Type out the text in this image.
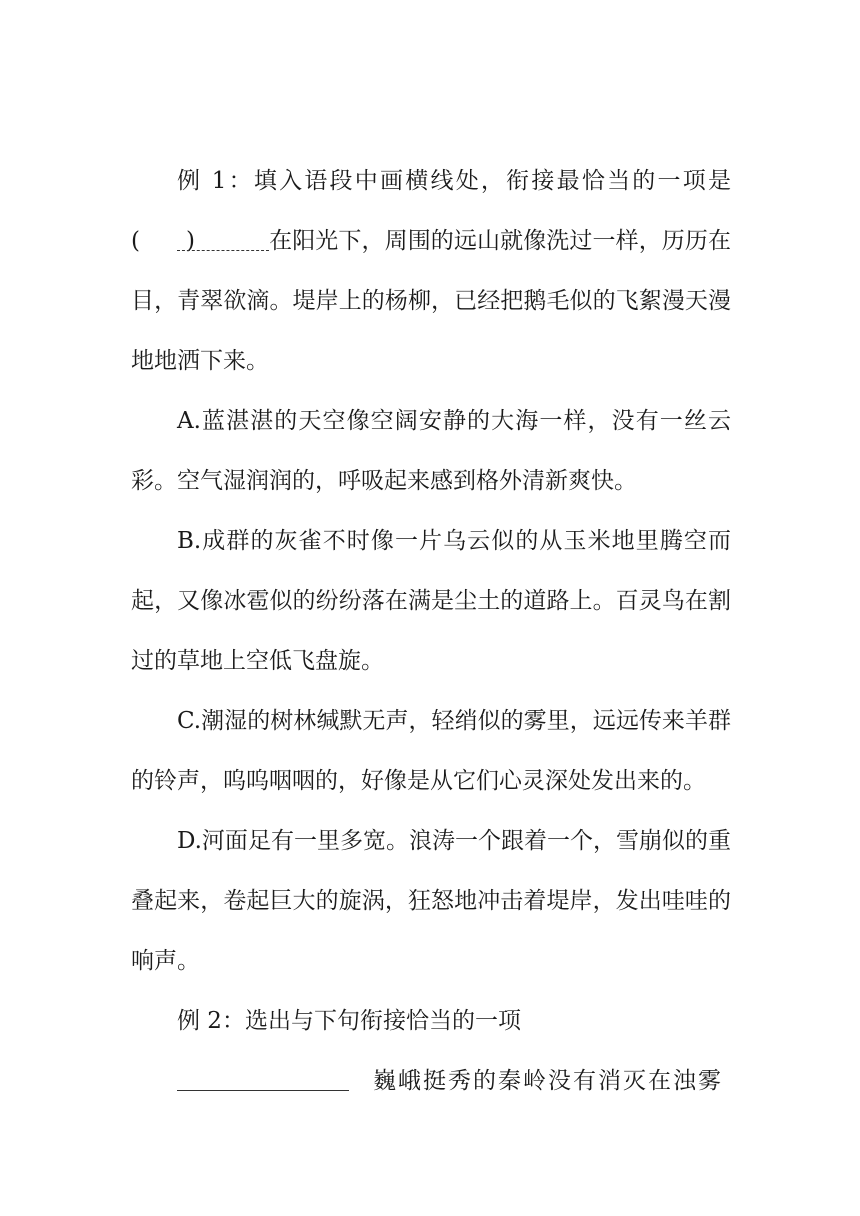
例 1：填入语段中画横线处，衔接最恰当的一项是(　　)	在阳光下，周围的远山就像洗过一样，历历在目，青翠欲滴。堤岸上的杨柳，已经把鹅毛似的飞絮漫天漫地地洒下来。
A.蓝湛湛的天空像空阔安静的大海一样，没有一丝云彩。空气湿润润的，呼吸起来感到格外清新爽快。
B.成群的灰雀不时像一片乌云似的从玉米地里腾空而起，又像冰雹似的纷纷落在满是尘土的道路上。百灵鸟在割过的草地上空低飞盘旋。
C.潮湿的树林缄默无声，轻绡似的雾里，远远传来羊群的铃声，呜呜咽咽的，好像是从它们心灵深处发出来的。
D.河面足有一里多宽。浪涛一个跟着一个，雪崩似的重叠起来，卷起巨大的旋涡，狂怒地冲击着堤岸，发出哇哇的响声。
例 2：选出与下句衔接恰当的一项
巍峨挺秀的秦岭没有消灭在浊雾
